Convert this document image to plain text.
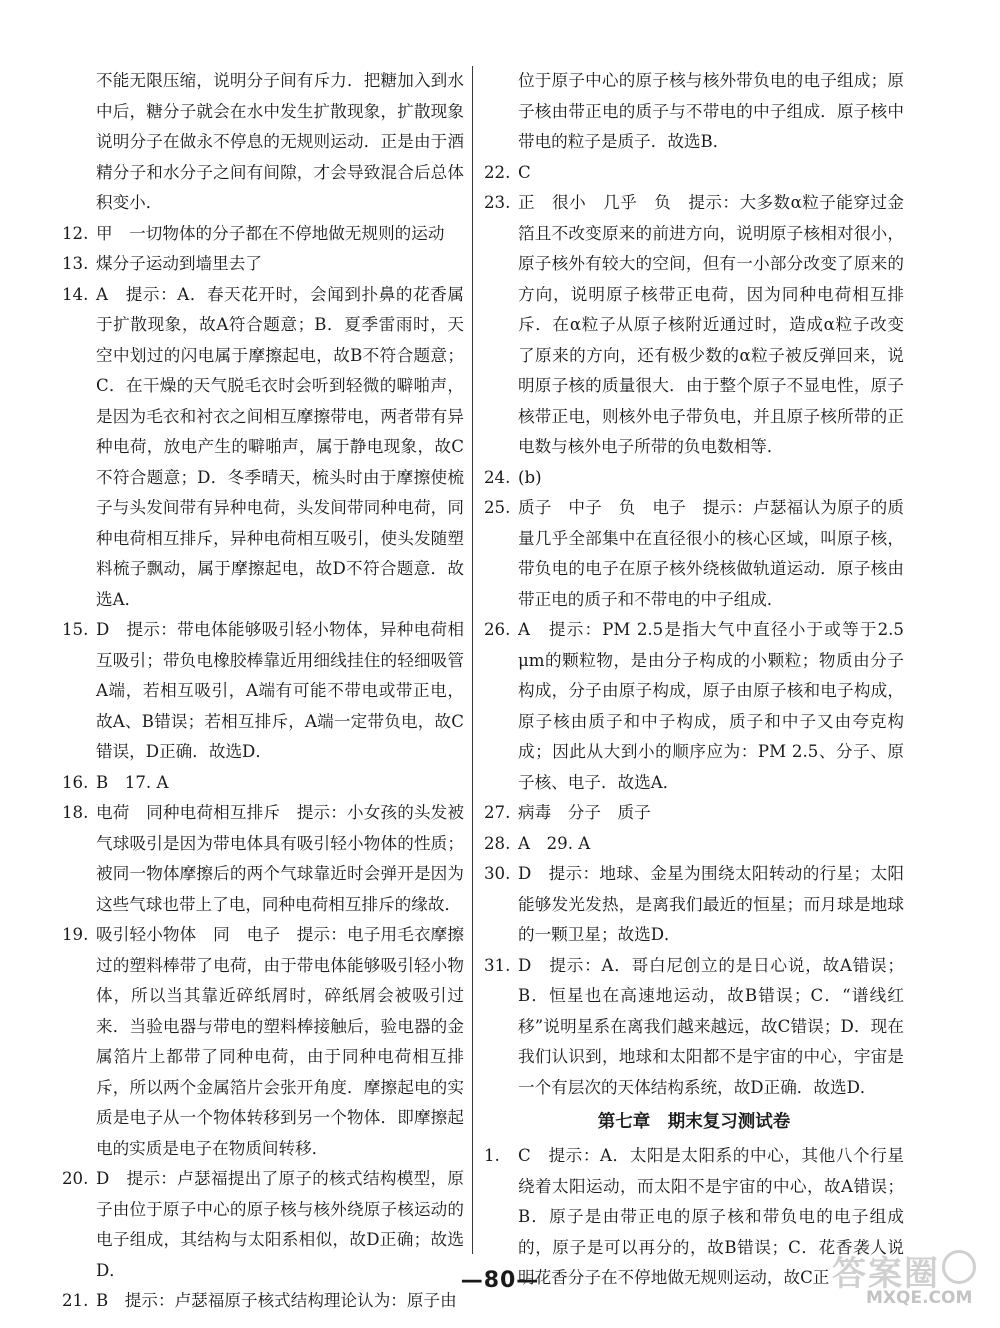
不能无限压缩，说明分子间有斥力．把糖加入到水中后，糖分子就会在水中发生扩散现象，扩散现象说明分子在做永不停息的无规则运动．正是由于酒精分子和水分子之间有间隙，才会导致混合后总体积变小．
12. 甲　一切物体的分子都在不停地做无规则的运动
13. 煤分子运动到墙里去了
14. A　提示：A．春天花开时，会闻到扑鼻的花香属于扩散现象，故A符合题意；B．夏季雷雨时，天空中划过的闪电属于摩擦起电，故B不符合题意；C．在干燥的天气脱毛衣时会听到轻微的噼啪声，是因为毛衣和衬衣之间相互摩擦带电，两者带有异种电荷，放电产生的噼啪声，属于静电现象，故C不符合题意；D．冬季晴天，梳头时由于摩擦使梳子与头发间带有异种电荷，头发间带同种电荷，同种电荷相互排斥，异种电荷相互吸引，使头发随塑料梳子飘动，属于摩擦起电，故D不符合题意．故选A．
15. D　提示：带电体能够吸引轻小物体，异种电荷相互吸引；带负电橡胶棒靠近用细线挂住的轻细吸管A端，若相互吸引，A端有可能不带电或带正电，故A、B错误；若相互排斥，A端一定带负电，故C错误，D正确．故选D．
16. B　17. A
18. 电荷　同种电荷相互排斥　提示：小女孩的头发被气球吸引是因为带电体具有吸引轻小物体的性质；被同一物体摩擦后的两个气球靠近时会弹开是因为这些气球也带上了电，同种电荷相互排斥的缘故．
19. 吸引轻小物体　同　电子　提示：电子用毛衣摩擦过的塑料棒带了电荷，由于带电体能够吸引轻小物体，所以当其靠近碎纸屑时，碎纸屑会被吸引过来．当验电器与带电的塑料棒接触后，验电器的金属箔片上都带了同种电荷，由于同种电荷相互排斥，所以两个金属箔片会张开角度．摩擦起电的实质是电子从一个物体转移到另一个物体．即摩擦起电的实质是电子在物质间转移．
20. D　提示：卢瑟福提出了原子的核式结构模型，原子由位于原子中心的原子核与核外绕原子核运动的电子组成，其结构与太阳系相似，故D正确；故选D．
21. B　提示：卢瑟福原子核式结构理论认为：原子由
位于原子中心的原子核与核外带负电的电子组成；原子核由带正电的质子与不带电的中子组成．原子核中带电的粒子是质子．故选B．
22. C
23. 正　很小　几乎　负　提示：大多数α粒子能穿过金箔且不改变原来的前进方向，说明原子核相对很小，原子核外有较大的空间，但有一小部分改变了原来的方向，说明原子核带正电荷，因为同种电荷相互排斥．在α粒子从原子核附近通过时，造成α粒子改变了原来的方向，还有极少数的α粒子被反弹回来，说明原子核的质量很大．由于整个原子不显电性，原子核带正电，则核外电子带负电，并且原子核所带的正电数与核外电子所带的负电数相等．
24. (b)
25. 质子　中子　负　电子　提示：卢瑟福认为原子的质量几乎全部集中在直径很小的核心区域，叫原子核，带负电的电子在原子核外绕核做轨道运动．原子核由带正电的质子和不带电的中子组成．
26. A　提示：PM 2.5是指大气中直径小于或等于2.5 μm的颗粒物，是由分子构成的小颗粒；物质由分子构成，分子由原子构成，原子由原子核和电子构成，原子核由质子和中子构成，质子和中子又由夸克构成；因此从大到小的顺序应为：PM 2.5、分子、原子核、电子．故选A．
27. 病毒　分子　质子
28. A　29. A
30. D　提示：地球、金星为围绕太阳转动的行星；太阳能够发光发热，是离我们最近的恒星；而月球是地球的一颗卫星；故选D．
31. D　提示：A．哥白尼创立的是日心说，故A错误；B．恒星也在高速地运动，故B错误；C．“谱线红移”说明星系在离我们越来越远，故C错误；D．现在我们认识到，地球和太阳都不是宇宙的中心，宇宙是一个有层次的天体结构系统，故D正确．故选D．
第七章　期末复习测试卷
1. C　提示：A．太阳是太阳系的中心，其他八个行星绕着太阳运动，而太阳不是宇宙的中心，故A错误；B．原子是由带正电的原子核和带负电的电子组成的，原子是可以再分的，故B错误；C．花香袭人说明花香分子在不停地做无规则运动，故C正
—80—	答案圈
MXQE.COM
